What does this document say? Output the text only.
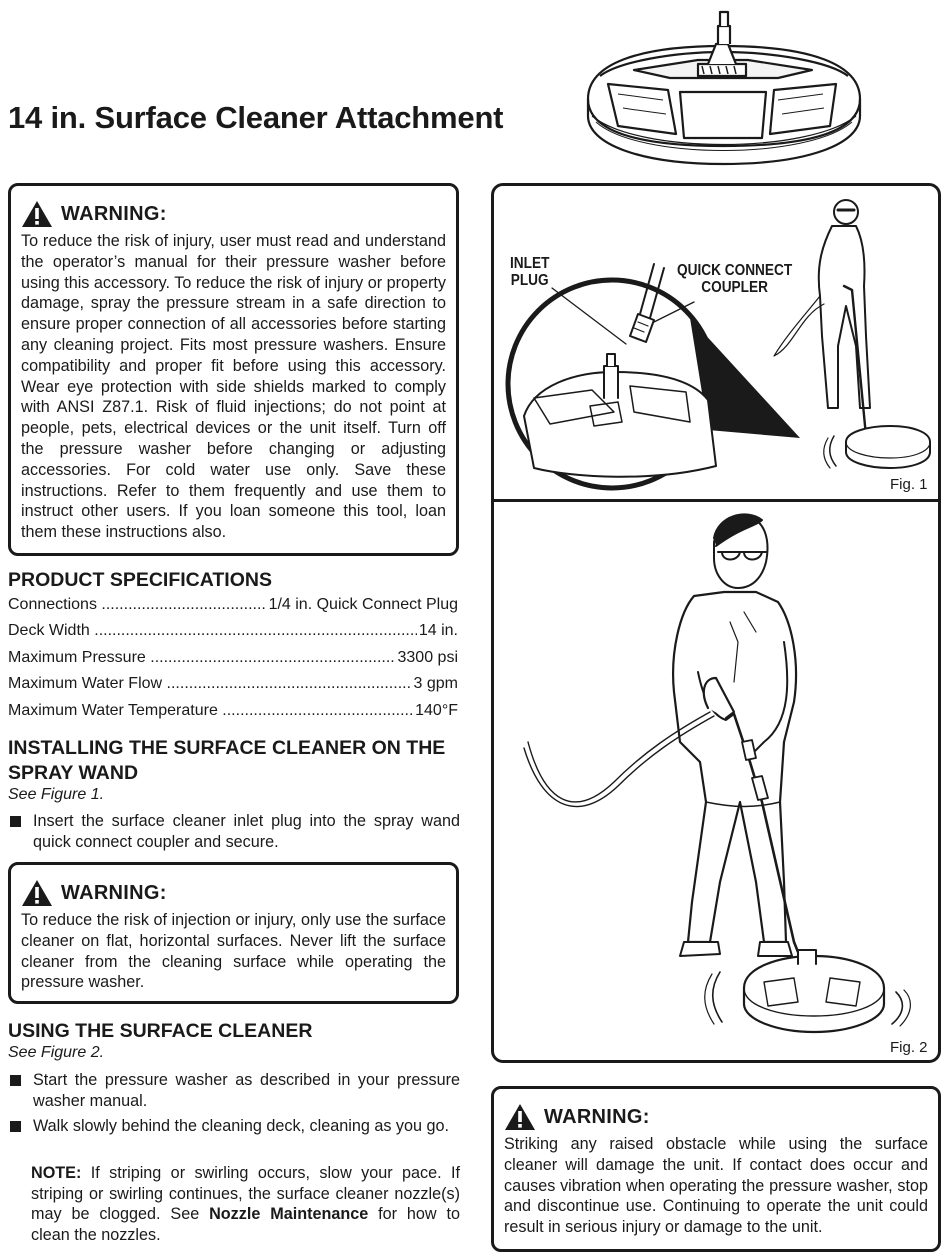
14 in. Surface Cleaner Attachment
WARNING:

To reduce the risk of injury, user must read and understand the operator’s manual for their pressure washer before using this accessory. To reduce the risk of injury or property damage, spray the pressure stream in a safe direction to ensure proper connection of all accessories before starting any cleaning project. Fits most pressure washers. Ensure compatibility and proper fit before using this accessory. Wear eye protection with side shields marked to comply with ANSI Z87.1. Risk of fluid injections; do not point at people, pets, electrical devices or the unit itself. Turn off the pressure washer before changing or adjusting accessories. For cold water use only. Save these instructions. Refer to them frequently and use them to instruct other users. If you loan someone this tool, loan them these instructions also.

PRODUCT SPECIFICATIONS
Connections .....	1/4 in. Quick Connect Plug
Deck Width .....	14 in.
Maximum Pressure .....	3300 psi
Maximum Water Flow .....	3 gpm
Maximum Water Temperature .....	140°F
INSTALLING THE SURFACE CLEANER ON THE SPRAY WAND

See Figure 1.

Insert the surface cleaner inlet plug into the spray wand quick connect coupler and secure.
WARNING:

To reduce the risk of injection or injury, only use the surface cleaner on flat, horizontal surfaces. Never lift the surface cleaner from the cleaning surface while operating the pressure washer.

USING THE SURFACE CLEANER

See Figure 2.

Start the pressure washer as described in your pressure washer manual.
Walk slowly behind the cleaning deck, cleaning as you go.

NOTE: If striping or swirling occurs, slow your pace. If striping or swirling continues, the surface cleaner nozzle(s) may be clogged. See Nozzle Maintenance for how to clean the nozzles.

Fig. 1
Fig. 2
INLET
PLUG
QUICK CONNECT
COUPLER
WARNING:

Striking any raised obstacle while using the surface cleaner will damage the unit. If contact does occur and causes vibration when operating the pressure washer, stop and discontinue use. Continuing to operate the unit could result in serious injury or damage to the unit.
